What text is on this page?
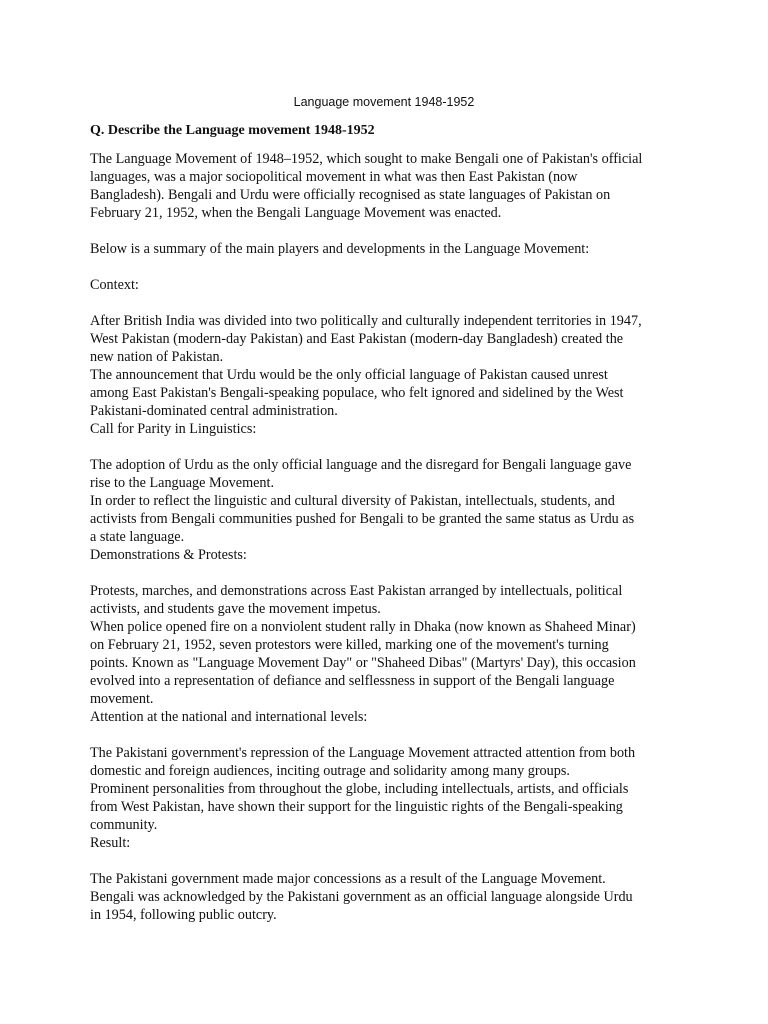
Language movement 1948-1952
Q. Describe the Language movement 1948-1952

The Language Movement of 1948–1952, which sought to make Bengali one of Pakistan's official
languages, was a major sociopolitical movement in what was then East Pakistan (now
Bangladesh). Bengali and Urdu were officially recognised as state languages of Pakistan on
February 21, 1952, when the Bengali Language Movement was enacted.

Below is a summary of the main players and developments in the Language Movement:

Context:

After British India was divided into two politically and culturally independent territories in 1947,
West Pakistan (modern-day Pakistan) and East Pakistan (modern-day Bangladesh) created the
new nation of Pakistan.

The announcement that Urdu would be the only official language of Pakistan caused unrest
among East Pakistan's Bengali-speaking populace, who felt ignored and sidelined by the West
Pakistani-dominated central administration.

Call for Parity in Linguistics:

The adoption of Urdu as the only official language and the disregard for Bengali language gave
rise to the Language Movement.

In order to reflect the linguistic and cultural diversity of Pakistan, intellectuals, students, and
activists from Bengali communities pushed for Bengali to be granted the same status as Urdu as
a state language.

Demonstrations & Protests:

Protests, marches, and demonstrations across East Pakistan arranged by intellectuals, political
activists, and students gave the movement impetus.

When police opened fire on a nonviolent student rally in Dhaka (now known as Shaheed Minar)
on February 21, 1952, seven protestors were killed, marking one of the movement's turning
points. Known as "Language Movement Day" or "Shaheed Dibas" (Martyrs' Day), this occasion
evolved into a representation of defiance and selflessness in support of the Bengali language
movement.

Attention at the national and international levels:

The Pakistani government's repression of the Language Movement attracted attention from both
domestic and foreign audiences, inciting outrage and solidarity among many groups.

Prominent personalities from throughout the globe, including intellectuals, artists, and officials
from West Pakistan, have shown their support for the linguistic rights of the Bengali-speaking
community.

Result:

The Pakistani government made major concessions as a result of the Language Movement.
Bengali was acknowledged by the Pakistani government as an official language alongside Urdu
in 1954, following public outcry.
